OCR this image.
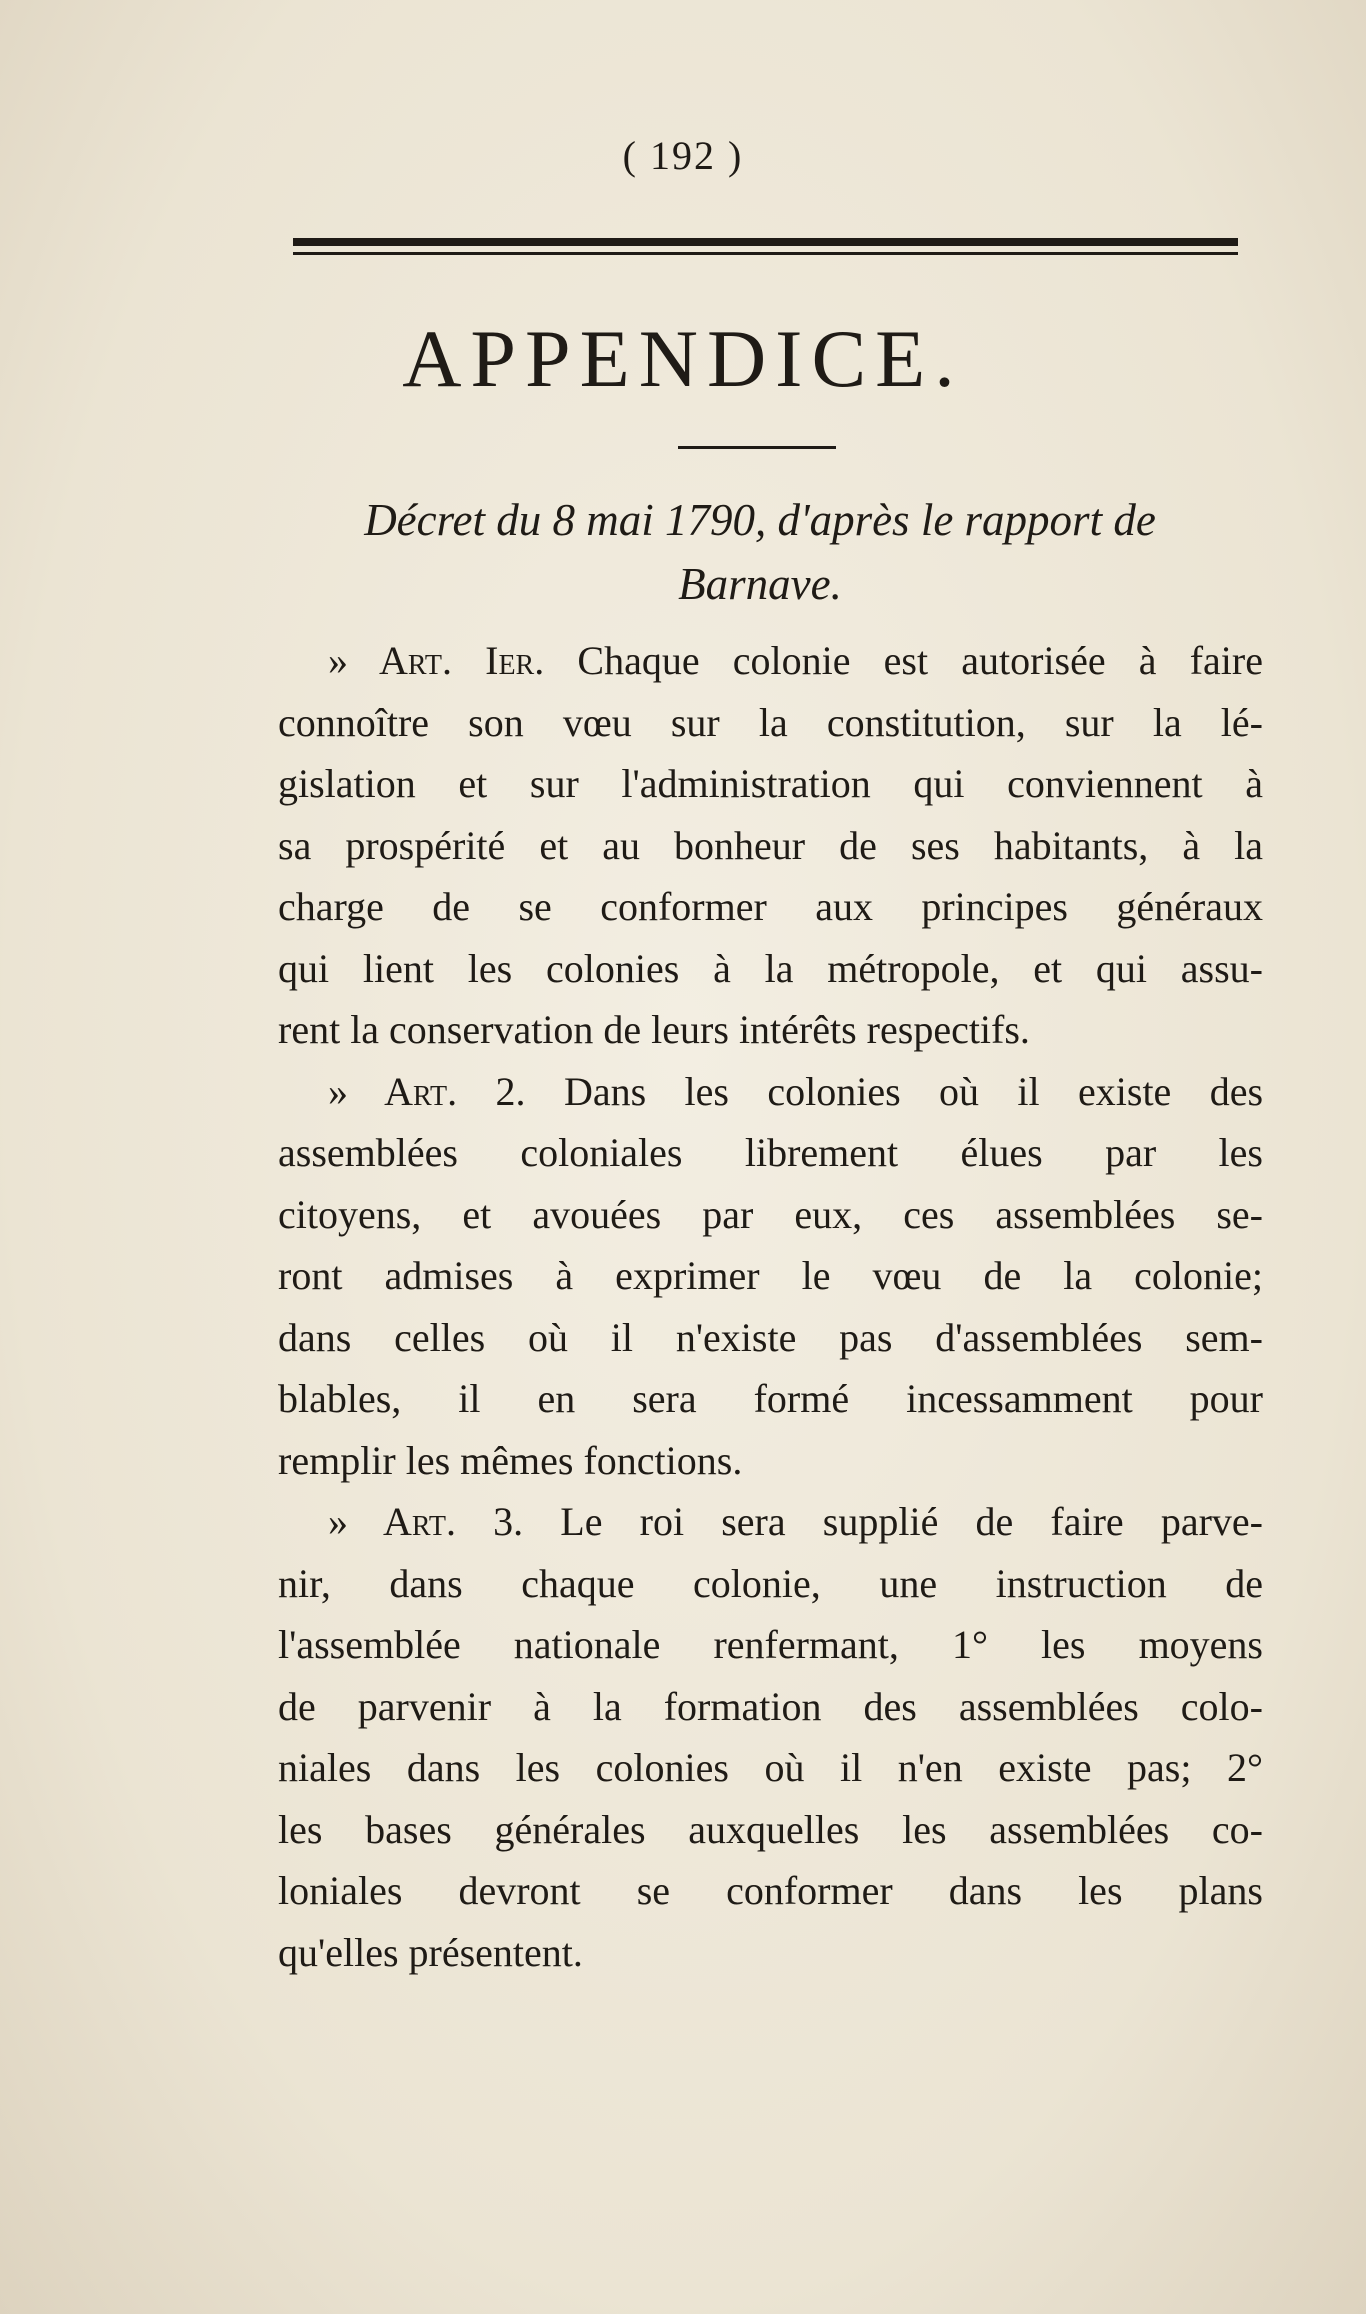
( 192 )
APPENDICE.
Décret du 8 mai 1790, d'après le rapport de
Barnave.
» Art. Ier. Chaque colonie est autorisée à faire
connoître son vœu sur la constitution, sur la lé-
gislation et sur l'administration qui conviennent à
sa prospérité et au bonheur de ses habitants, à la
charge de se conformer aux principes généraux
qui lient les colonies à la métropole, et qui assu-
rent la conservation de leurs intérêts respectifs.
» Art. 2. Dans les colonies où il existe des
assemblées coloniales librement élues par les
citoyens, et avouées par eux, ces assemblées se-
ront admises à exprimer le vœu de la colonie;
dans celles où il n'existe pas d'assemblées sem-
blables, il en sera formé incessamment pour
remplir les mêmes fonctions.
» Art. 3. Le roi sera supplié de faire parve-
nir, dans chaque colonie, une instruction de
l'assemblée nationale renfermant, 1° les moyens
de parvenir à la formation des assemblées colo-
niales dans les colonies où il n'en existe pas; 2°
les bases générales auxquelles les assemblées co-
loniales devront se conformer dans les plans
qu'elles présentent.
